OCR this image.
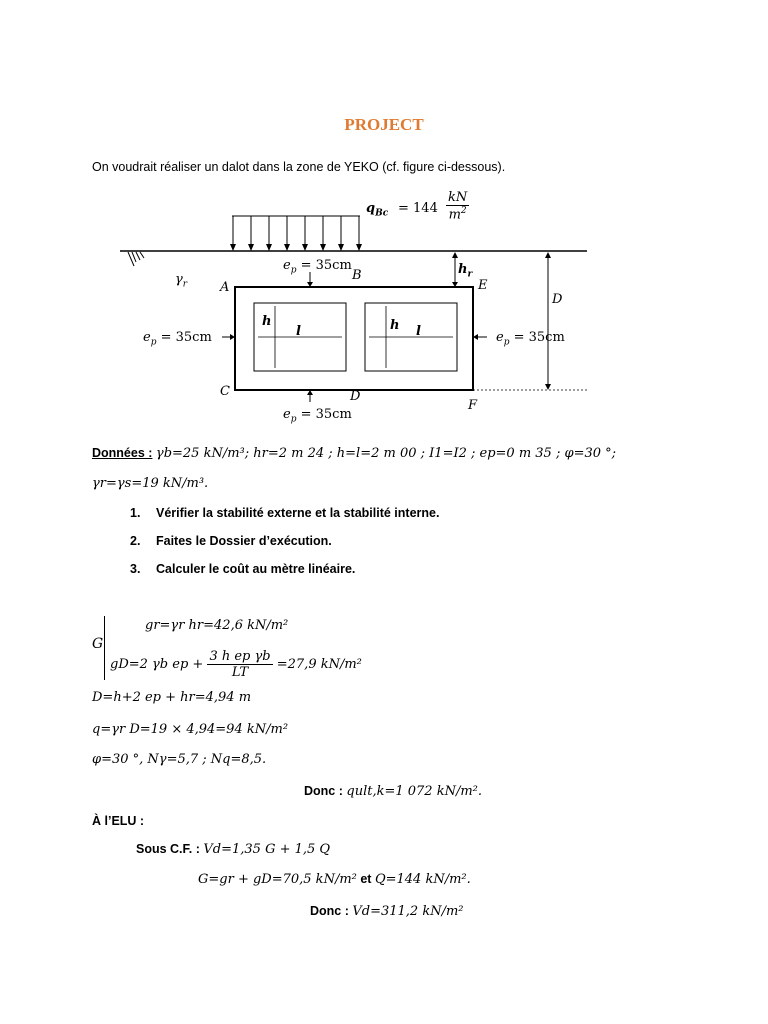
PROJECT
On voudrait réaliser un dalot dans la zone de YEKO (cf. figure ci-dessous).
$q_{Bc} = 144 \frac{kN}{m^2}$
$e_p = 35cm$
$\gamma_r$
$h_r$
D
A
B
E
C	D
F
h
l	h l
$e_p = 35cm$	$e_p = 35cm$
$e_p = 35cm$
Données : γb=25 kN/m³; hr=2 m 24 ; h=l=2 m 00 ; I1=I2 ; ep=0 m 35 ; φ=30 °;
γr=γs=19 kN/m³.
1. Vérifier la stabilité externe et la stabilité interne.
2. Faites le Dossier d’exécution.
3. Calculer le coût au mètre linéaire.
G
gr=γr hr=42,6 kN/m²
gD=2 γb ep + $\frac{\text{3 h ep γb}}{LT} =27,9$ kN/m²
D=h+2 ep + hr=4,94 m
q=γr D=19 × 4,94=94 kN/m²
φ=30 °, Nγ=5,7 ; Nq=8,5.
Donc : qult,k=1 072 kN/m².
À l’ELU :
Sous C.F. : Vd=1,35 G + 1,5 Q
G=gr + gD=70,5 kN/m² et Q=144 kN/m².
Donc : Vd=311,2 kN/m²
